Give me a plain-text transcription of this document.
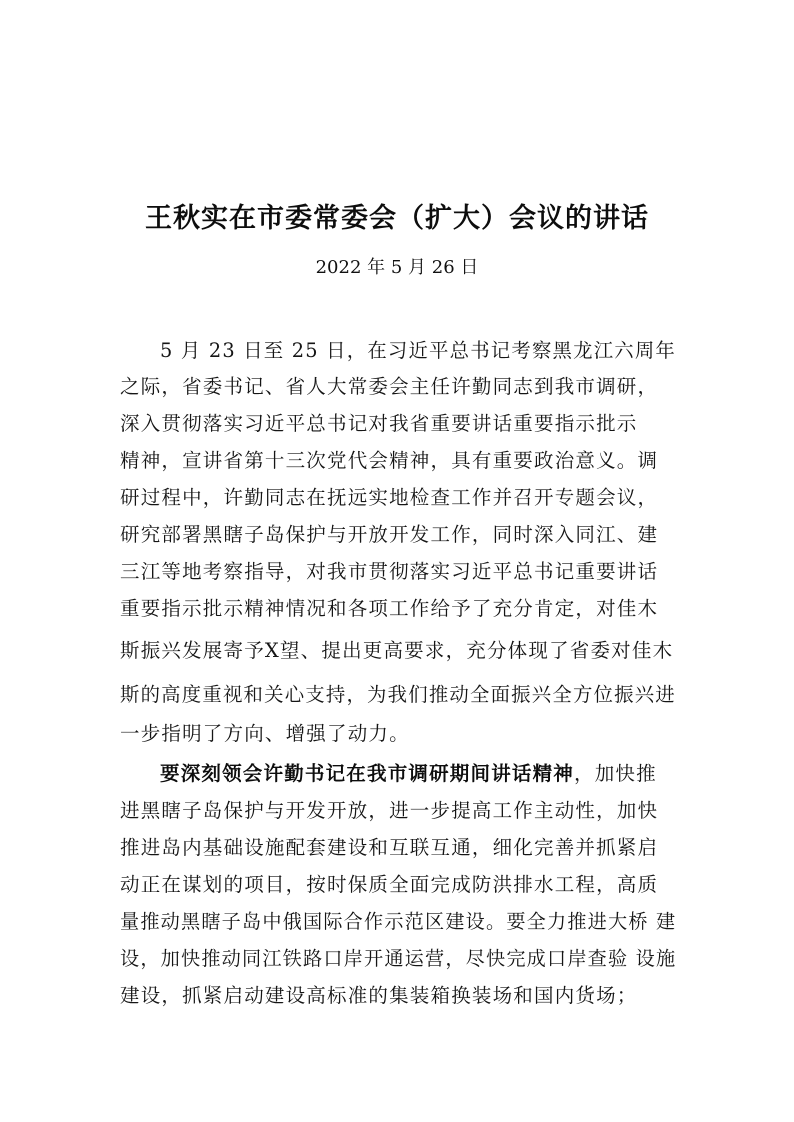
王秋实在市委常委会（扩大）会议的讲话
2022 年 5 月 26 日
5 月 23 日至 25 日，在习近平总书记考察黑龙江六周年
之际，省委书记、省人大常委会主任许勤同志到我市调研，
深入贯彻落实习近平总书记对我省重要讲话重要指示批示
精神，宣讲省第十三次党代会精神，具有重要政治意义。调
研过程中，许勤同志在抚远实地检查工作并召开专题会议，
研究部署黑瞎子岛保护与开放开发工作，同时深入同江、建
三江等地考察指导，对我市贯彻落实习近平总书记重要讲话
重要指示批示精神情况和各项工作给予了充分肯定，对佳木
斯振兴发展寄予X望、提出更高要求，充分体现了省委对佳木
斯的高度重视和关心支持，为我们推动全面振兴全方位振兴进
一步指明了方向、增强了动力。
要深刻领会许勤书记在我市调研期间讲话精神，加快推
进黑瞎子岛保护与开发开放，进一步提高工作主动性，加快
推进岛内基础设施配套建设和互联互通，细化完善并抓紧启
动正在谋划的项目，按时保质全面完成防洪排水工程，高质
量推动黑瞎子岛中俄国际合作示范区建设。要全力推进大桥 建
设，加快推动同江铁路口岸开通运营，尽快完成口岸查验 设施
建设，抓紧启动建设高标准的集装箱换装场和国内货场；
